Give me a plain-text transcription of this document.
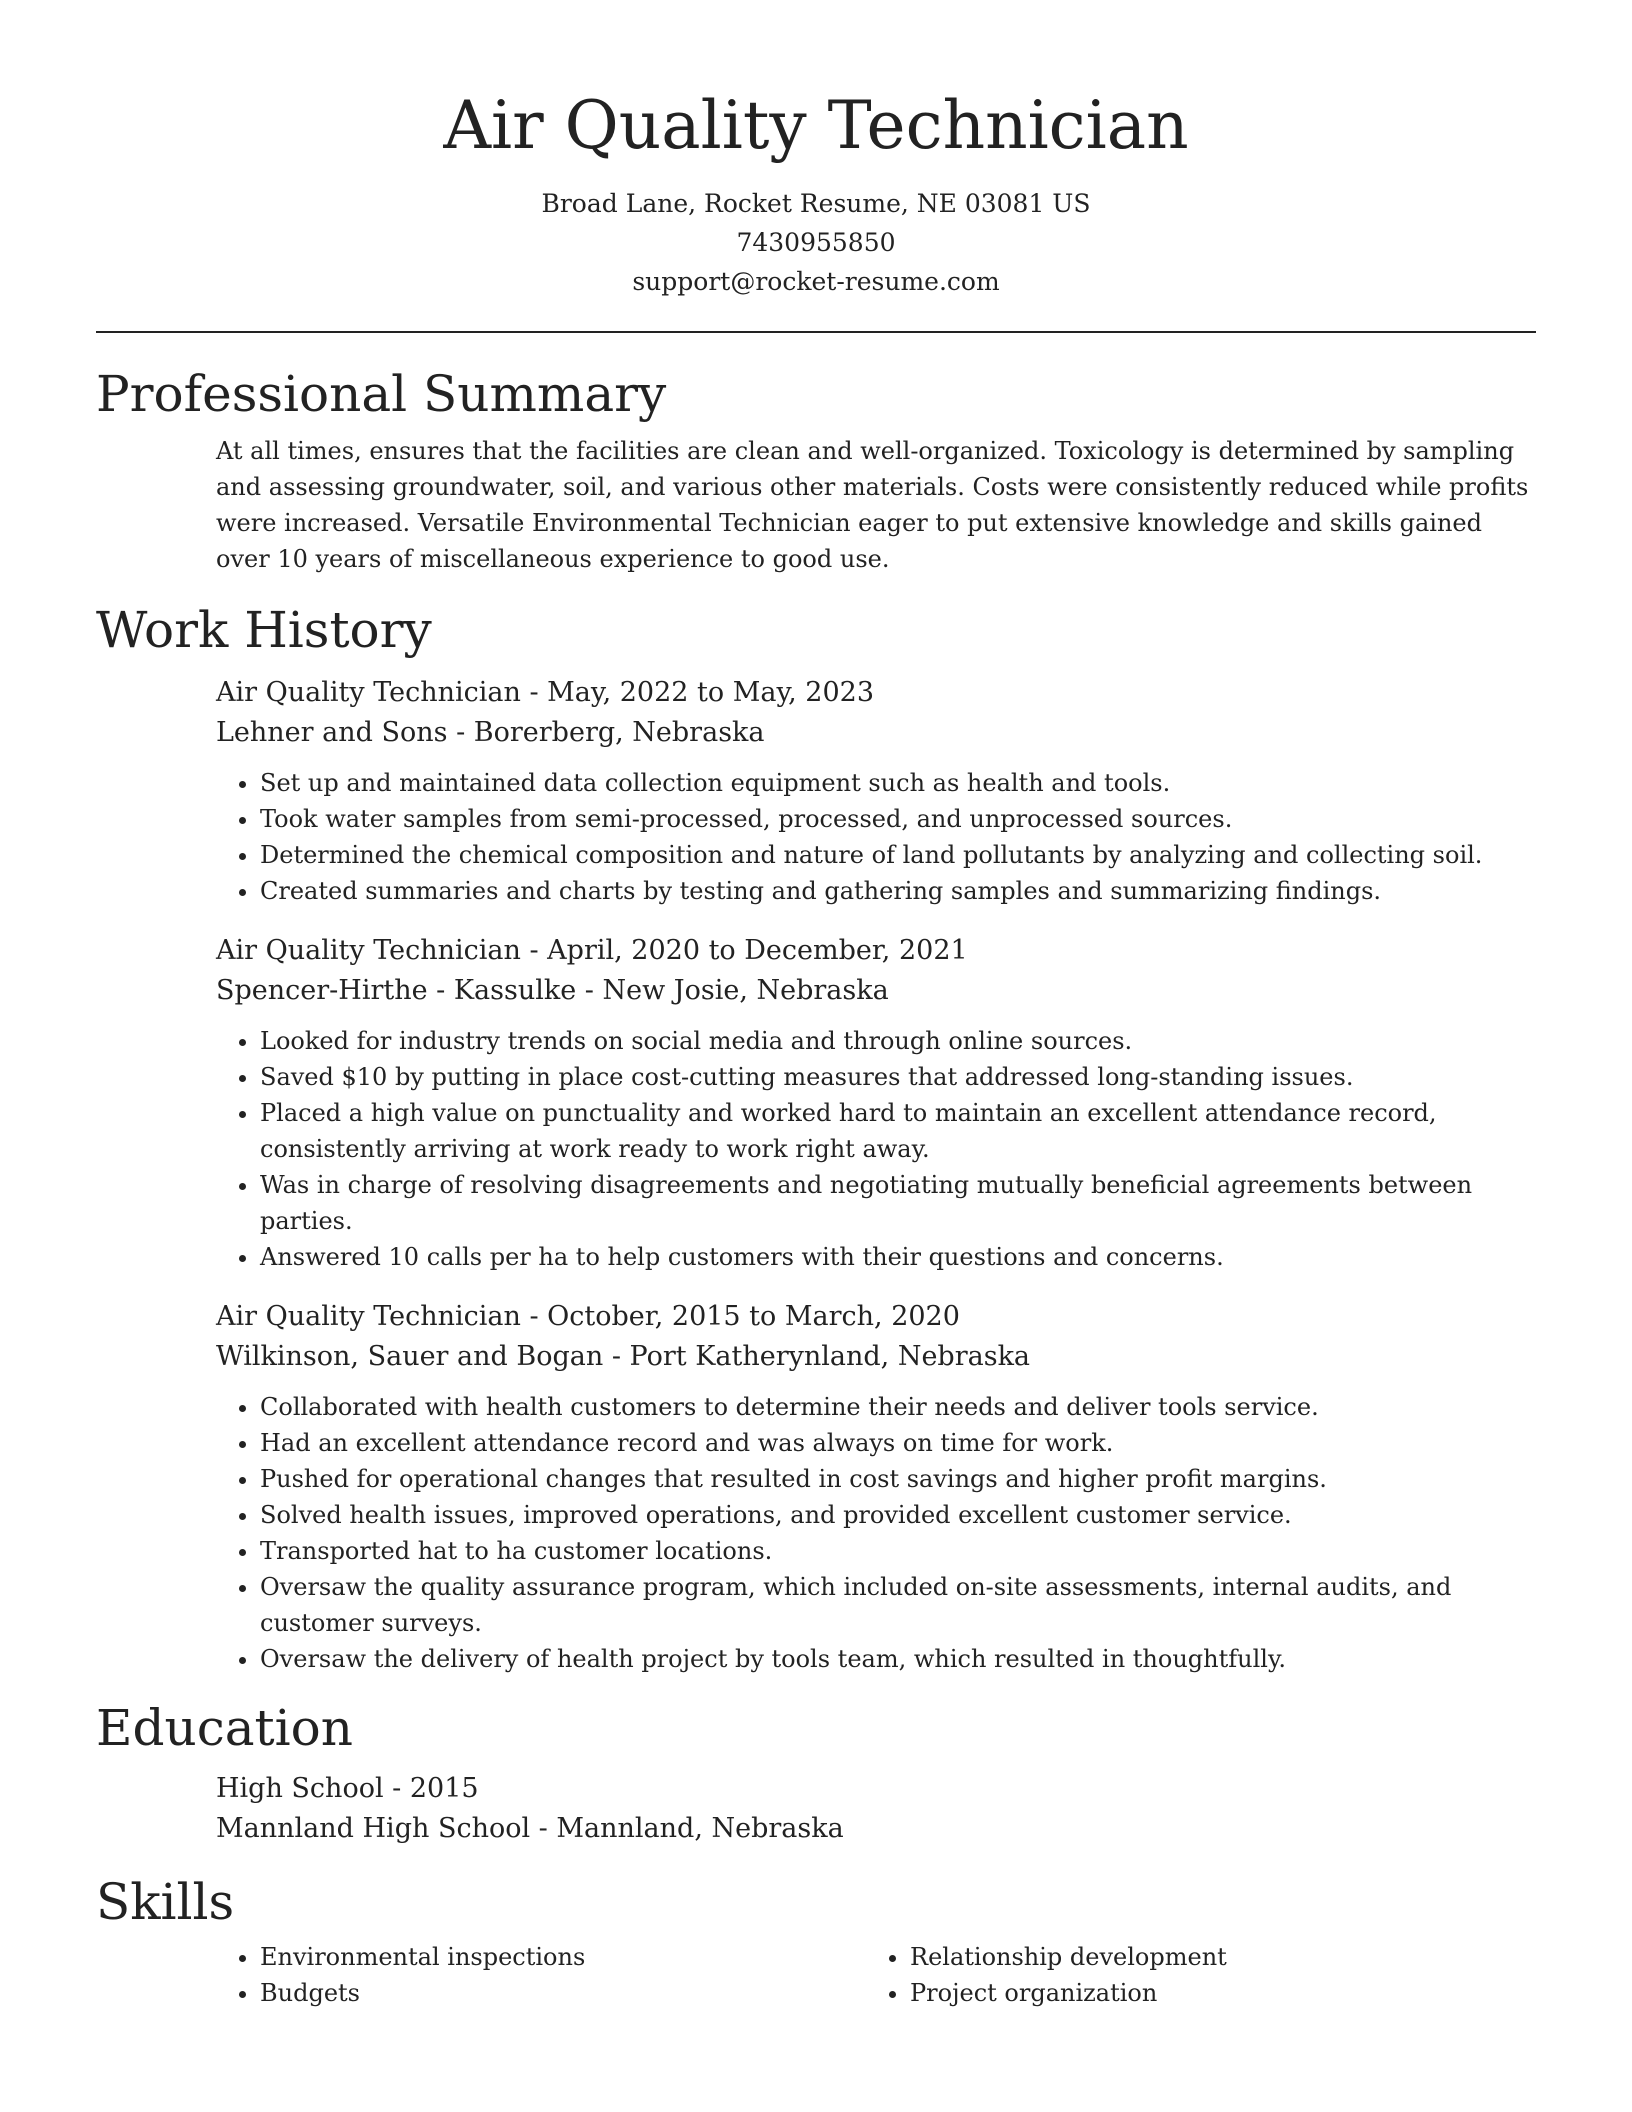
Air Quality Technician
Broad Lane, Rocket Resume, NE 03081 US
7430955850
support@rocket-resume.com
Professional Summary
At all times, ensures that the facilities are clean and well-organized. Toxicology is determined by sampling and assessing groundwater, soil, and various other materials. Costs were consistently reduced while profits were increased. Versatile Environmental Technician eager to put extensive knowledge and skills gained over 10 years of miscellaneous experience to good use.
Work History
Air Quality Technician - May, 2022 to May, 2023
Lehner and Sons - Borerberg, Nebraska
• Set up and maintained data collection equipment such as health and tools.
• Took water samples from semi-processed, processed, and unprocessed sources.
• Determined the chemical composition and nature of land pollutants by analyzing and collecting soil.
• Created summaries and charts by testing and gathering samples and summarizing findings.
Air Quality Technician - April, 2020 to December, 2021
Spencer-Hirthe - Kassulke - New Josie, Nebraska
• Looked for industry trends on social media and through online sources.
• Saved $10 by putting in place cost-cutting measures that addressed long-standing issues.
• Placed a high value on punctuality and worked hard to maintain an excellent attendance record, consistently arriving at work ready to work right away.
• Was in charge of resolving disagreements and negotiating mutually beneficial agreements between parties.
• Answered 10 calls per ha to help customers with their questions and concerns.
Air Quality Technician - October, 2015 to March, 2020
Wilkinson, Sauer and Bogan - Port Katherynland, Nebraska
• Collaborated with health customers to determine their needs and deliver tools service.
• Had an excellent attendance record and was always on time for work.
• Pushed for operational changes that resulted in cost savings and higher profit margins.
• Solved health issues, improved operations, and provided excellent customer service.
• Transported hat to ha customer locations.
• Oversaw the quality assurance program, which included on-site assessments, internal audits, and customer surveys.
• Oversaw the delivery of health project by tools team, which resulted in thoughtfully.
Education
High School - 2015
Mannland High School - Mannland, Nebraska
Skills
• Environmental inspections
• Budgets
• Relationship development
• Project organization
